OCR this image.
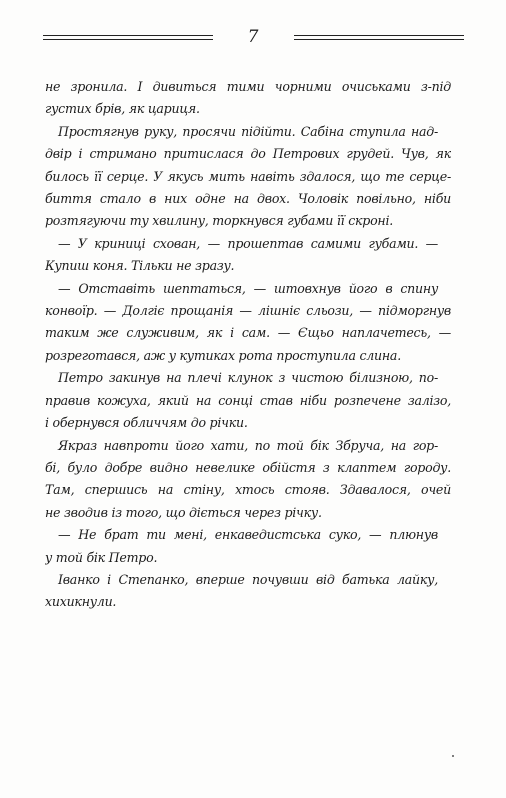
7

не зронила. І дивиться тими чорними очиськами з-під
густих брів, як цариця.

Простягнув руку, просячи підійти. Сабіна ступила над-
двір і стримано притислася до Петрових грудей. Чув, як
билось її серце. У якусь мить навіть здалося, що те серце-
биття стало в них одне на двох. Чоловік повільно, ніби
розтягуючи ту хвилину, торкнувся губами її скроні.

— У криниці схован, — прошептав самими губами. —
Купиш коня. Тільки не зразу.

— Отставіть шептаться, — штовхнув його в спину
конвоїр. — Долгіє прощанія — лішніє сльози, — підморгнув
таким же служивим, як і сам. — Єщьо наплачетесь, —
розреготався, аж у кутиках рота проступила слина.

Петро закинув на плечі клунок з чистою білизною, по-
правив кожуха, який на сонці став ніби розпечене залізо,
і обернувся обличчям до річки.

Якраз навпроти його хати, по той бік Збруча, на гор-
бі, було добре видно невелике обійстя з клаптем городу.
Там, спершись на стіну, хтось стояв. Здавалося, очей
не зводив із того, що діється через річку.

— Не брат ти мені, енкаведистська суко, — плюнув
у той бік Петро.

Іванко і Степанко, вперше почувши від батька лайку,
хихикнули.
